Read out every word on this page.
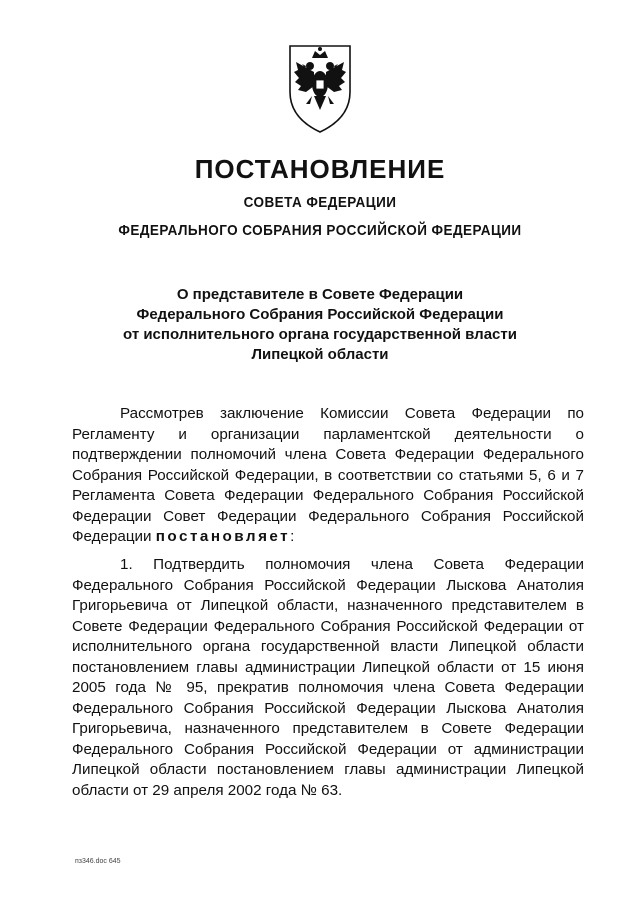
ПОСТАНОВЛЕНИЕ
СОВЕТА ФЕДЕРАЦИИ
ФЕДЕРАЛЬНОГО СОБРАНИЯ РОССИЙСКОЙ ФЕДЕРАЦИИ
О представителе в Совете Федерации
Федерального Собрания Российской Федерации
от исполнительного органа государственной власти
Липецкой области
Рассмотрев заключение Комиссии Совета Федерации по Регламенту и организации парламентской деятельности о подтверждении полномочий члена Совета Федерации Федерального Собрания Российской Федерации, в соответствии со статьями 5, 6 и 7 Регламента Совета Федерации Федерального Собрания Российской Федерации Совет Федерации Федерального Собрания Российской Федерации постановляет:
1. Подтвердить полномочия члена Совета Федерации Федерального Собрания Российской Федерации Лыскова Анатолия Григорьевича от Липецкой области, назначенного представителем в Совете Федерации Федерального Собрания Российской Федерации от исполнительного органа государственной власти Липецкой области постановлением главы администрации Липецкой области от 15 июня 2005 года № 95, прекратив полномочия члена Совета Федерации Федерального Собрания Российской Федерации Лыскова Анатолия Григорьевича, назначенного представителем в Совете Федерации Федерального Собрания Российской Федерации от администрации Липецкой области постановлением главы администрации Липецкой области от 29 апреля 2002 года № 63.
пз346.doc 645
